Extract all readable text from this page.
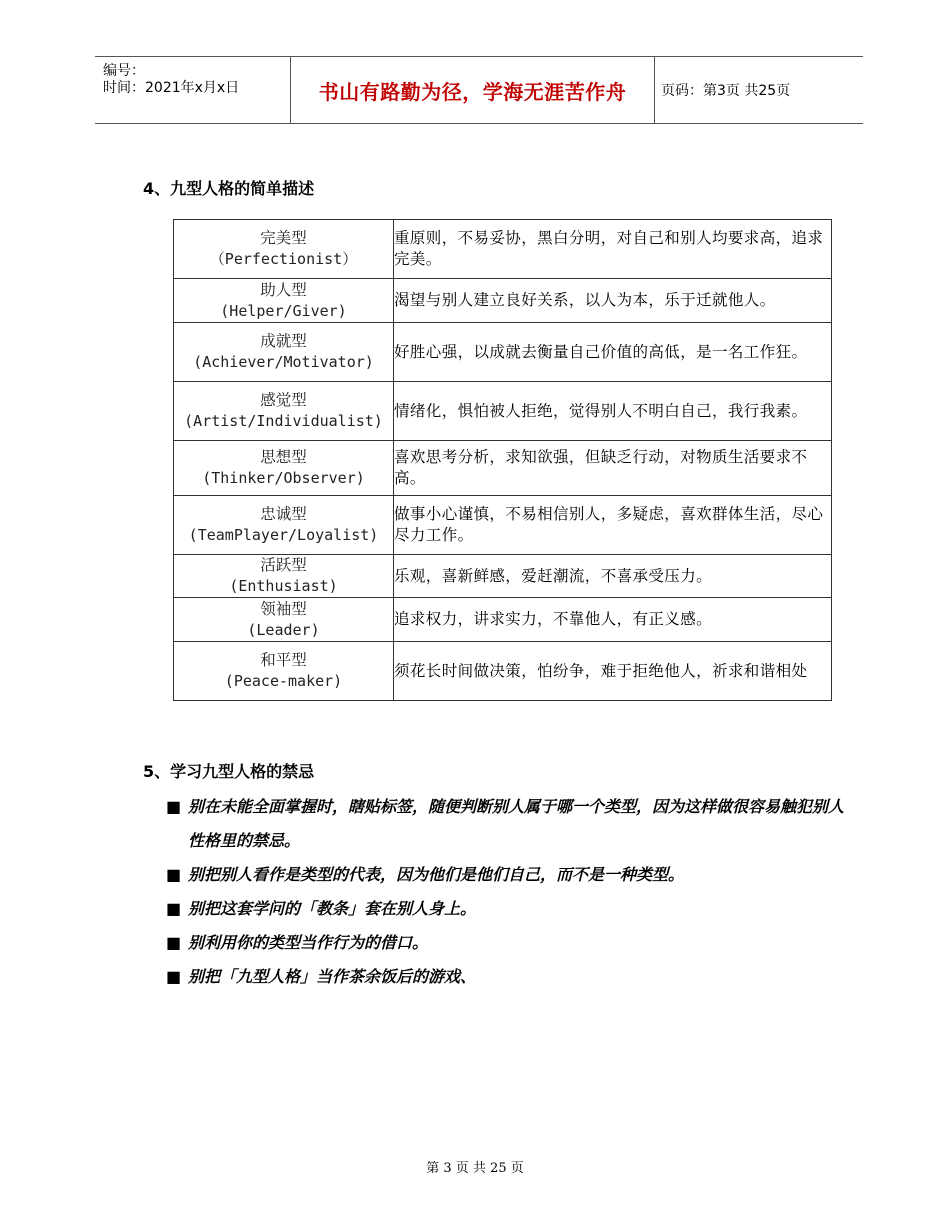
编号：
时间：2021年x月x日	书山有路勤为径，学海无涯苦作舟	页码：第3页 共25页
4、九型人格的简单描述
完美型
（Perfectionist）	重原则，不易妥协，黑白分明，对自己和别人均要求高，追求完美。

助人型
(Helper/Giver)	渴望与别人建立良好关系，以人为本，乐于迁就他人。

成就型
(Achiever/Motivator)	好胜心强，以成就去衡量自己价值的高低，是一名工作狂。

感觉型
(Artist/Individualist)	情绪化，惧怕被人拒绝，觉得别人不明白自己，我行我素。

思想型
(Thinker/Observer)	喜欢思考分析，求知欲强，但缺乏行动，对物质生活要求不高。

忠诚型
(TeamPlayer/Loyalist)	做事小心谨慎，不易相信别人，多疑虑，喜欢群体生活，尽心尽力工作。

活跃型
(Enthusiast)	乐观，喜新鲜感，爱赶潮流，不喜承受压力。

领袖型
(Leader)	追求权力，讲求实力，不靠他人，有正义感。

和平型
(Peace-maker)	须花长时间做决策，怕纷争，难于拒绝他人，祈求和谐相处
5、学习九型人格的禁忌
■ 别在未能全面掌握时，瞎贴标签，随便判断别人属于哪一个类型，因为这样做很容易触犯别人性格里的禁忌。
■ 别把别人看作是类型的代表，因为他们是他们自己，而不是一种类型。
■ 别把这套学问的「教条」套在别人身上。
■ 别利用你的类型当作行为的借口。
■ 别把「九型人格」当作茶余饭后的游戏、
第 3 页 共 25 页
